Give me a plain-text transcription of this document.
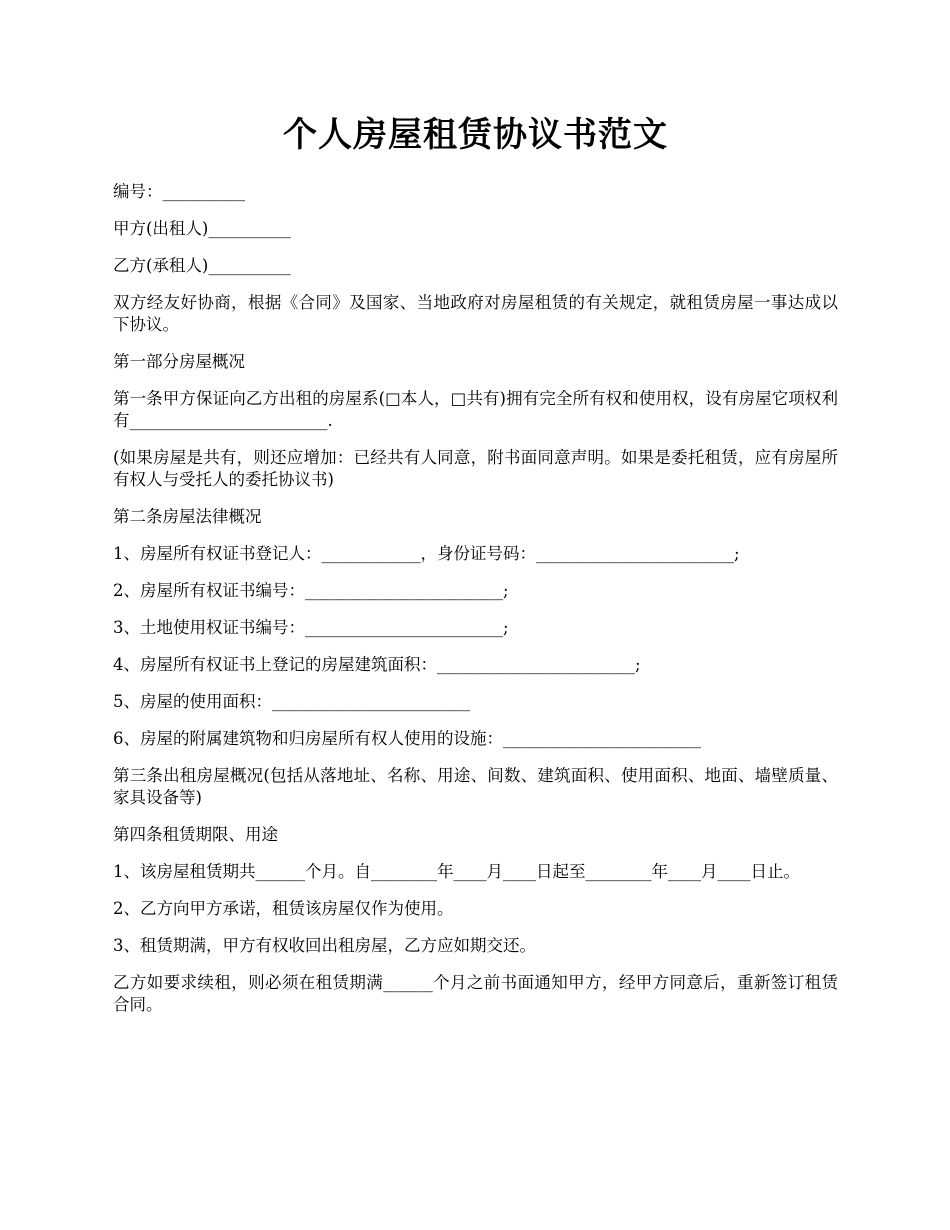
个人房屋租赁协议书范文

编号：__________

甲方(出租人)__________

乙方(承租人)__________

双方经友好协商，根据《合同》及国家、当地政府对房屋租赁的有关规定，就租赁房屋一事达成以下协议。

第一部分房屋概况

第一条甲方保证向乙方出租的房屋系(□本人，□共有)拥有完全所有权和使用权，设有房屋它项权利有________________________.

(如果房屋是共有，则还应增加：已经共有人同意，附书面同意声明。如果是委托租赁，应有房屋所有权人与受托人的委托协议书)

第二条房屋法律概况

1、房屋所有权证书登记人：____________，身份证号码：________________________;

2、房屋所有权证书编号：________________________;

3、土地使用权证书编号：________________________;

4、房屋所有权证书上登记的房屋建筑面积：________________________;

5、房屋的使用面积：________________________

6、房屋的附属建筑物和归房屋所有权人使用的设施：________________________

第三条出租房屋概况(包括从落地址、名称、用途、间数、建筑面积、使用面积、地面、墙壁质量、家具设备等)

第四条租赁期限、用途

1、该房屋租赁期共______个月。自________年____月____日起至________年____月____日止。

2、乙方向甲方承诺，租赁该房屋仅作为使用。

3、租赁期满，甲方有权收回出租房屋，乙方应如期交还。

乙方如要求续租，则必须在租赁期满______个月之前书面通知甲方，经甲方同意后，重新签订租赁合同。
